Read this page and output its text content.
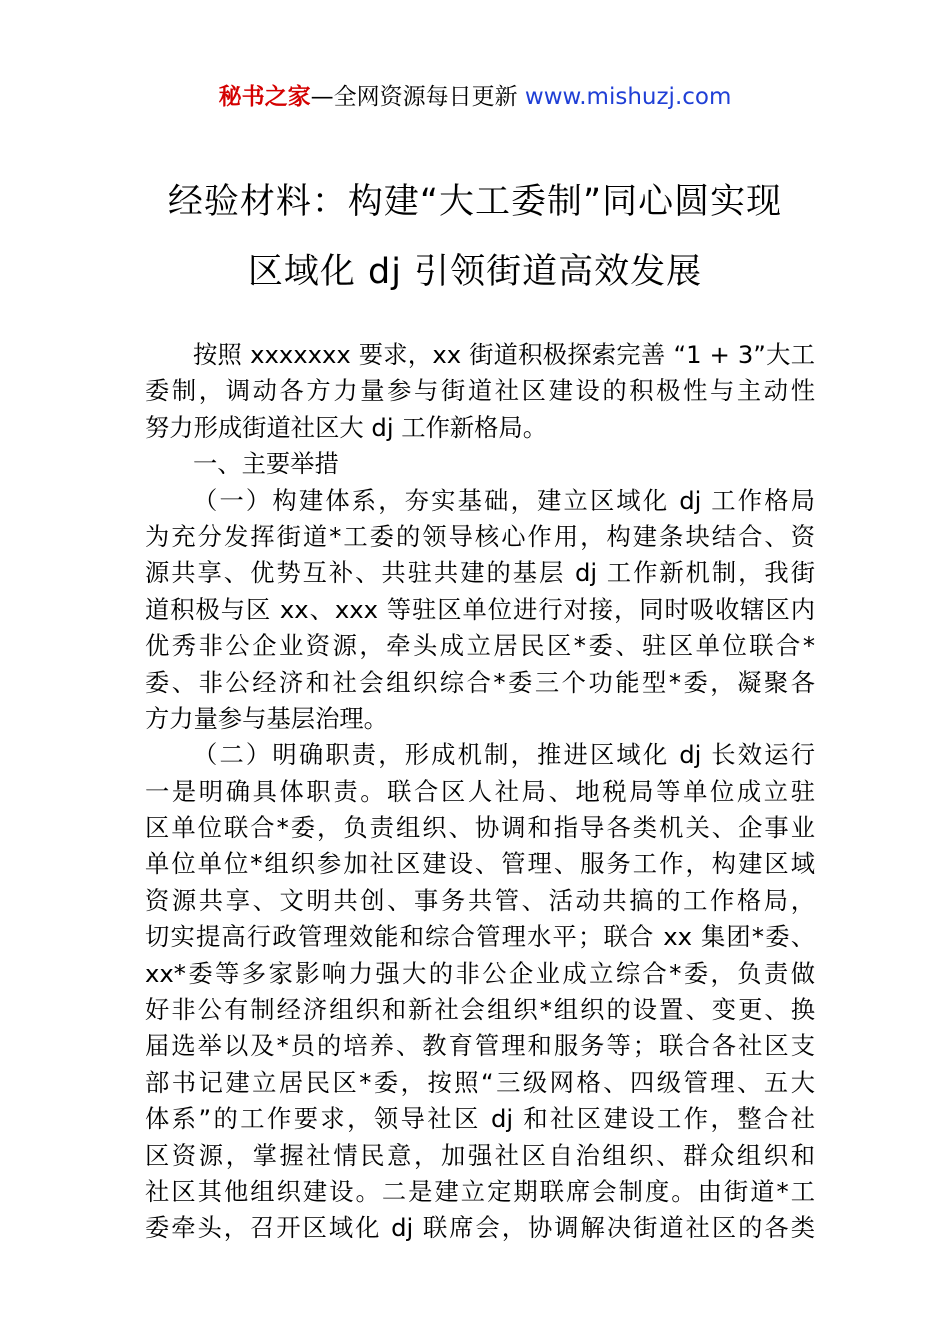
秘书之家—全网资源每日更新 www.mishuzj.com
经验材料：构建“大工委制”同心圆实现
区域化 dj 引领街道高效发展
按照 xxxxxxx 要求，xx 街道积极探索完善 “1 + 3”大工
委制，调动各方力量参与街道社区建设的积极性与主动性
努力形成街道社区大 dj 工作新格局。
一、主要举措
（一）构建体系，夯实基础，建立区域化 dj 工作格局
为充分发挥街道*工委的领导核心作用，构建条块结合、资
源共享、优势互补、共驻共建的基层 dj 工作新机制，我街
道积极与区 xx、xxx 等驻区单位进行对接，同时吸收辖区内
优秀非公企业资源，牵头成立居民区*委、驻区单位联合*
委、非公经济和社会组织综合*委三个功能型*委，凝聚各
方力量参与基层治理。
（二）明确职责，形成机制，推进区域化 dj 长效运行
一是明确具体职责。联合区人社局、地税局等单位成立驻
区单位联合*委，负责组织、协调和指导各类机关、企事业
单位单位*组织参加社区建设、管理、服务工作，构建区域
资源共享、文明共创、事务共管、活动共搞的工作格局，
切实提高行政管理效能和综合管理水平；联合 xx 集团*委、
xx*委等多家影响力强大的非公企业成立综合*委，负责做
好非公有制经济组织和新社会组织*组织的设置、变更、换
届选举以及*员的培养、教育管理和服务等；联合各社区支
部书记建立居民区*委，按照“三级网格、四级管理、五大
体系”的工作要求，领导社区 dj 和社区建设工作，整合社
区资源，掌握社情民意，加强社区自治组织、群众组织和
社区其他组织建设。二是建立定期联席会制度。由街道*工
委牵头，召开区域化 dj 联席会，协调解决街道社区的各类
